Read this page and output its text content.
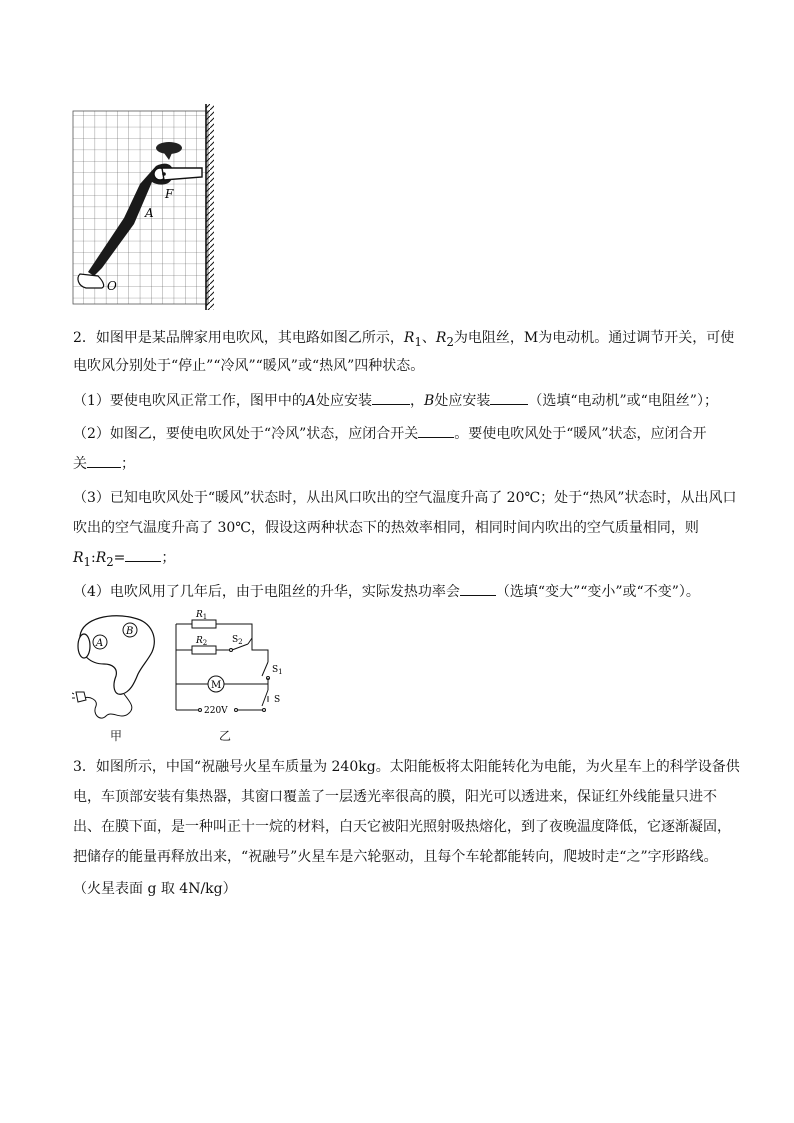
F
A
O
2．如图甲是某品牌家用电吹风，其电路如图乙所示，$R_1$、$R_2$为电阻丝，M为电动机。通过调节开关，可使
电吹风分别处于“停止”“冷风”“暖风”或“热风”四种状态。
（1）要使电吹风正常工作，图甲中的A处应安装	，B处应安装	（选填“电动机”或“电阻丝”）；
（2）如图乙，要使电吹风处于“冷风”状态，应闭合开关	。要使电吹风处于“暖风”状态，应闭合开
关 ；
（3）已知电吹风处于“暖风”状态时，从出风口吹出的空气温度升高了 20℃；处于“热风”状态时，从出风口
吹出的空气温度升高了 30℃，假设这两种状态下的热效率相同，相同时间内吹出的空气质量相同，则
$R_1:R_2=$	；
（4）电吹风用了几年后，由于电阻丝的升华，实际发热功率会	（选填“变大”“变小”或“不变”）。
A
B
甲
M
$R_1$
$R_2$	$S_2$
$S_1$
S
220V
乙
3．如图所示，中国“祝融号火星车质量为 240kg。太阳能板将太阳能转化为电能，为火星车上的科学设备供
电，车顶部安装有集热器，其窗口覆盖了一层透光率很高的膜，阳光可以透进来，保证红外线能量只进不
出、在膜下面，是一种叫正十一烷的材料，白天它被阳光照射吸热熔化，到了夜晚温度降低，它逐渐凝固，
把储存的能量再释放出来，“祝融号”火星车是六轮驱动，且每个车轮都能转向，爬坡时走“之”字形路线。
（火星表面 g 取 4N/kg）
